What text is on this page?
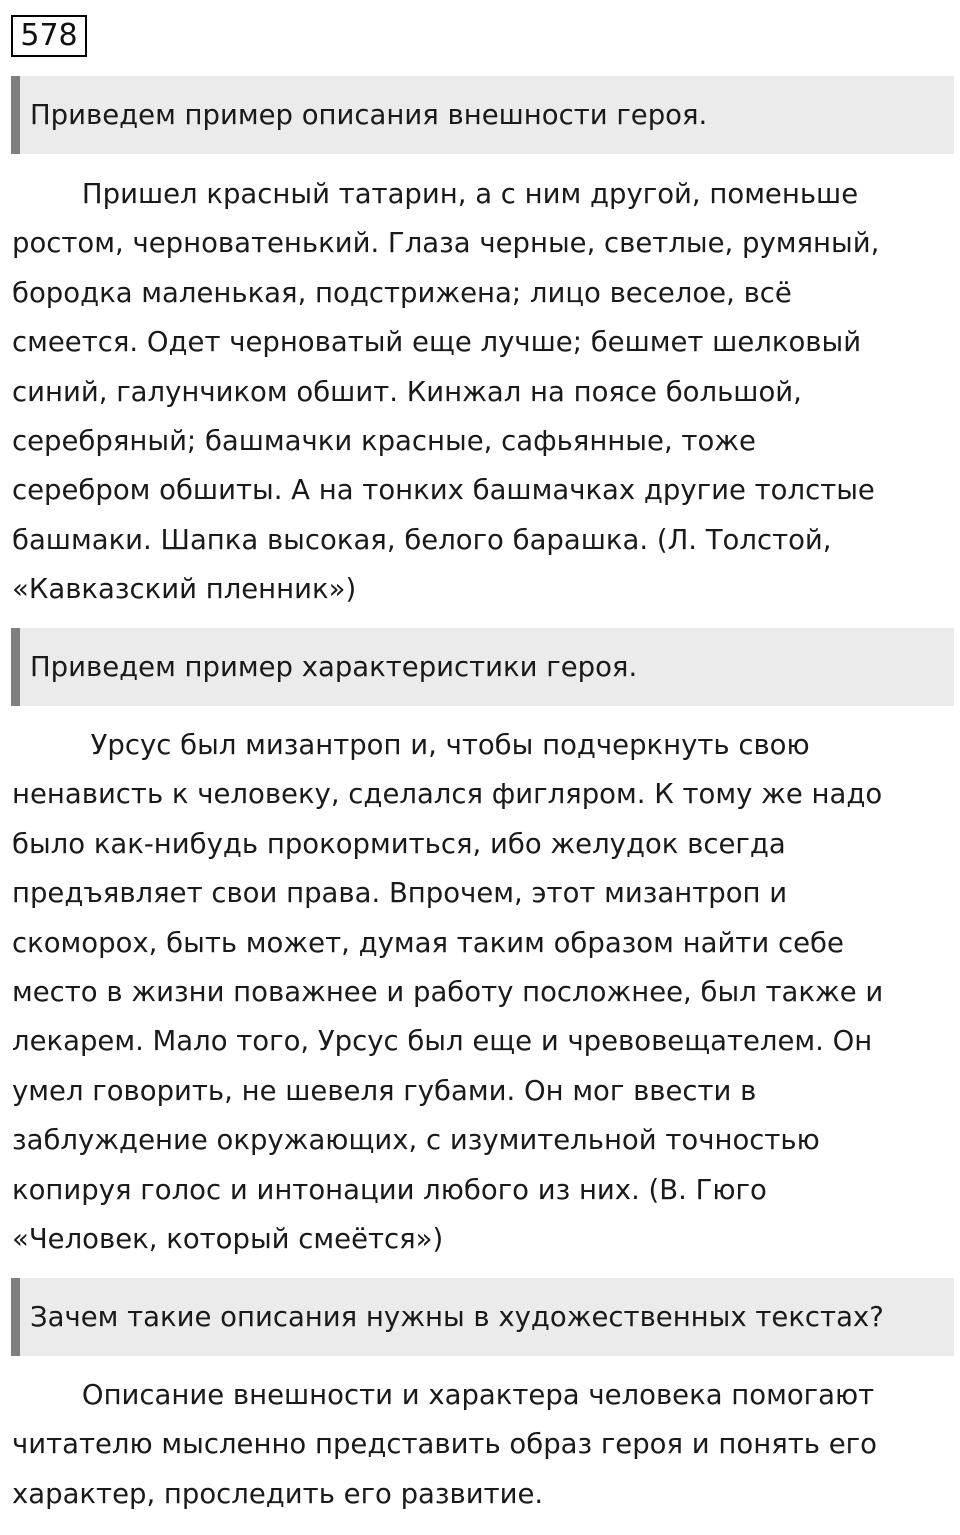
578
Приведем пример описания внешности героя.
Пришел красный татарин, а с ним другой, поменьше
ростом, черноватенький. Глаза черные, светлые, румяный,
бородка маленькая, подстрижена; лицо веселое, всё
смеется. Одет черноватый еще лучше; бешмет шелковый
синий, галунчиком обшит. Кинжал на поясе большой,
серебряный; башмачки красные, сафьянные, тоже
серебром обшиты. А на тонких башмачках другие толстые
башмаки. Шапка высокая, белого барашка. (Л. Толстой,
«Кавказский пленник»)
Приведем пример характеристики героя.
Урсус был мизантроп и, чтобы подчеркнуть свою
ненависть к человеку, сделался фигляром. К тому же надо
было как-нибудь прокормиться, ибо желудок всегда
предъявляет свои права. Впрочем, этот мизантроп и
скоморох, быть может, думая таким образом найти себе
место в жизни поважнее и работу посложнее, был также и
лекарем. Мало того, Урсус был еще и чревовещателем. Он
умел говорить, не шевеля губами. Он мог ввести в
заблуждение окружающих, с изумительной точностью
копируя голос и интонации любого из них. (В. Гюго
«Человек, который смеётся»)
Зачем такие описания нужны в художественных текстах?
Описание внешности и характера человека помогают
читателю мысленно представить образ героя и понять его
характер, проследить его развитие.
